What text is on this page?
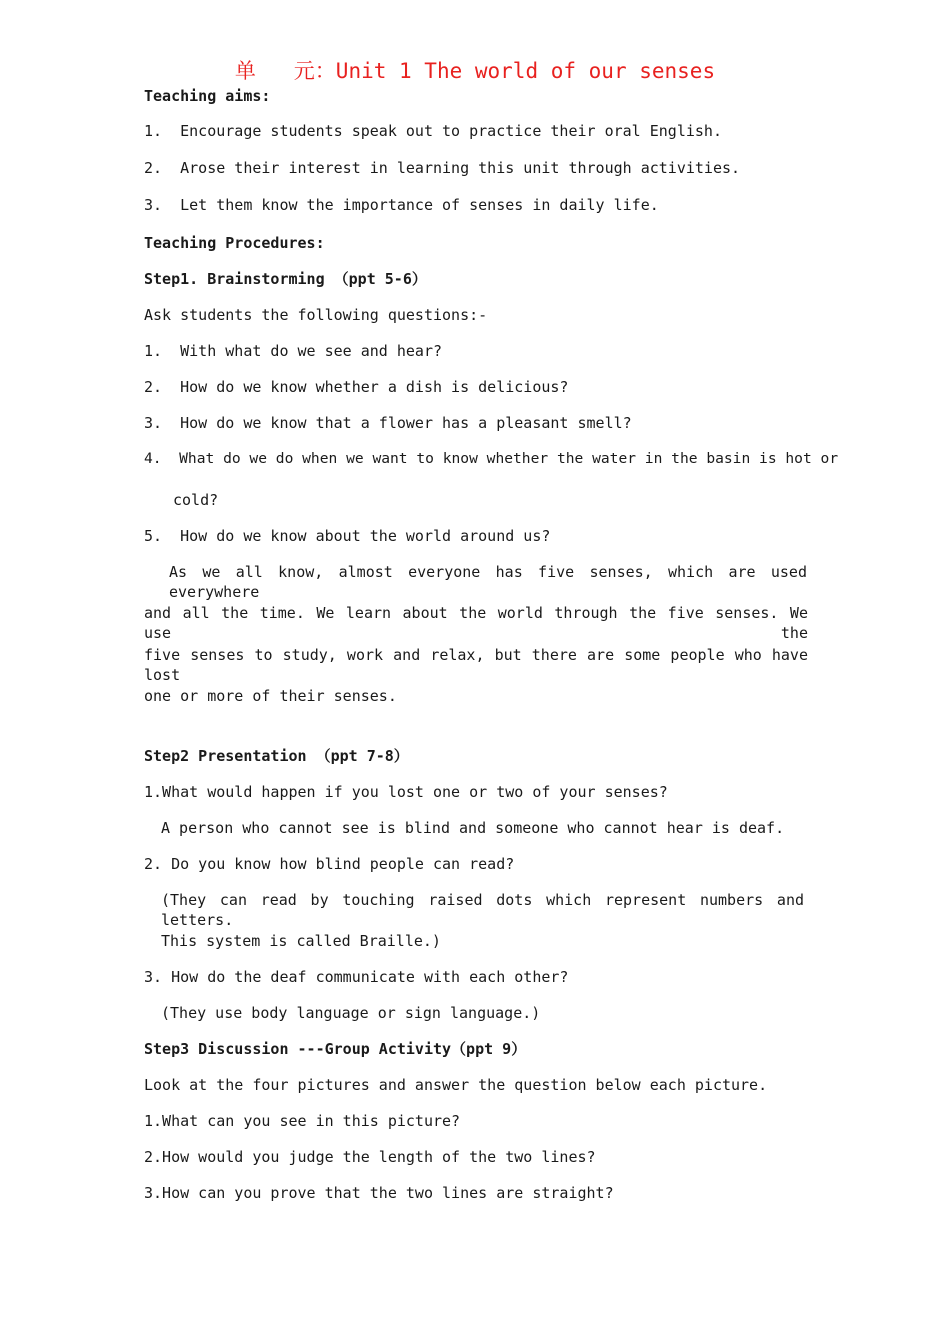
单   元：Unit 1 The world of our senses
Teaching aims:
1.  Encourage students speak out to practice their oral English.
2.  Arose their interest in learning this unit through activities.
3.  Let them know the importance of senses in daily life.
Teaching Procedures:
Step1. Brainstorming （ppt 5-6）
Ask students the following questions:-
1.  With what do we see and hear?
2.  How do we know whether a dish is delicious?
3.  How do we know that a flower has a pleasant smell?
4.  What do we do when we want to know whether the water in the basin is hot or
cold?
5.  How do we know about the world around us?
As we all know, almost everyone has five senses, which are used everywhere
and all the time. We learn about the world through the five senses. We use the
five senses to study, work and relax, but there are some people who have lost
one or more of their senses.
Step2 Presentation （ppt 7-8）
1.What would happen if you lost one or two of your senses?
A person who cannot see is blind and someone who cannot hear is deaf.
2. Do you know how blind people can read?
(They can read by touching raised dots which represent numbers and letters.
This system is called Braille.)
3. How do the deaf communicate with each other?
(They use body language or sign language.)
Step3 Discussion ---Group Activity（ppt 9）
Look at the four pictures and answer the question below each picture.
1.What can you see in this picture?
2.How would you judge the length of the two lines?
3.How can you prove that the two lines are straight?
